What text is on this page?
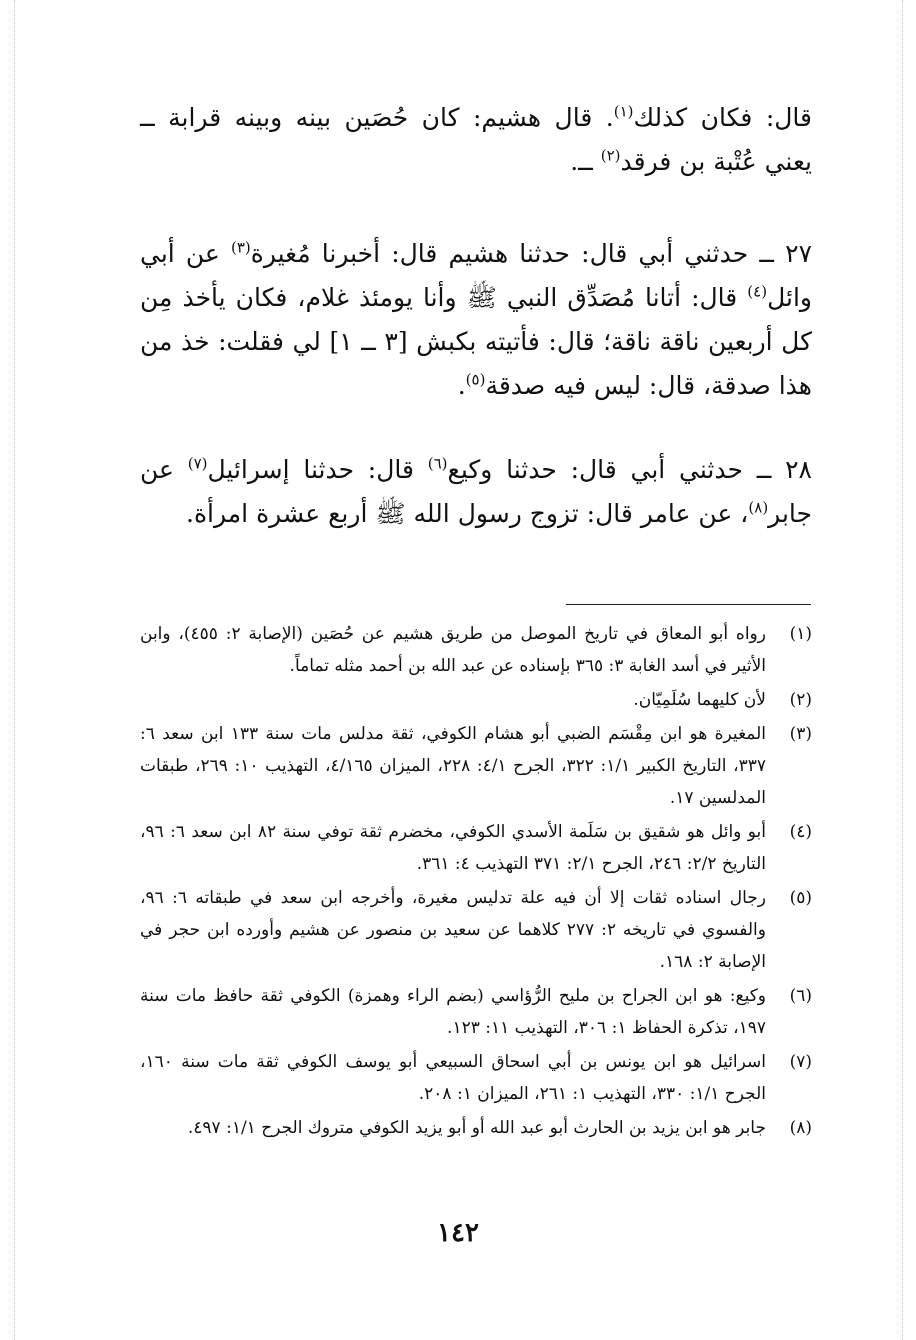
قال: فكان كذلك$^{(١)}$. قال هشيم: كان حُصَين بينه وبينه قرابة ــ يعني عُتْبة بن فرقد$^{(٢)}$ ــ.

٢٧ ــ حدثني أبي قال: حدثنا هشيم قال: أخبرنا مُغيرة$^{(٣)}$ عن أبي وائل$^{(٤)}$ قال: أتانا مُصَدِّق النبي ﷺ وأنا يومئذ غلام، فكان يأخذ مِن كل أربعين ناقة ناقة؛ قال: فأتيته بكبش [٣ ــ ١] لي فقلت: خذ من هذا صدقة، قال: ليس فيه صدقة$^{(٥)}$.

٢٨ ــ حدثني أبي قال: حدثنا وكيع$^{(٦)}$ قال: حدثنا إسرائيل$^{(٧)}$ عن جابر$^{(٨)}$، عن عامر قال: تزوج رسول الله ﷺ أربع عشرة امرأة.

(١)
رواه أبو المعاق في تاريخ الموصل من طريق هشيم عن حُصَين (الإصابة ٢: ٤٥٥)، وابن الأثير في أسد الغابة ٣: ٣٦٥ بإسناده عن عبد الله بن أحمد مثله تماماً.
(٢)
لأن كليهما سُلَمِيّان.
(٣)
المغيرة هو ابن مِقْسَم الضبي أبو هشام الكوفي، ثقة مدلس مات سنة ١٣٣ ابن سعد ٦: ٣٣٧، التاريخ الكبير ١/١: ٣٢٢، الجرح ٤/١: ٢٢٨، الميزان ٤/١٦٥، التهذيب ١٠: ٢٦٩، طبقات المدلسين ١٧.
(٤)
أبو وائل هو شقيق بن سَلَمة الأسدي الكوفي، مخضرم ثقة توفي سنة ٨٢ ابن سعد ٦: ٩٦، التاريخ ٢/٢: ٢٤٦، الجرح ٢/١: ٣٧١ التهذيب ٤: ٣٦١.
(٥)
رجال اسناده ثقات إلا أن فيه علة تدليس مغيرة، وأخرجه ابن سعد في طبقاته ٦: ٩٦، والفسوي في تاريخه ٢: ٢٧٧ كلاهما عن سعيد بن منصور عن هشيم وأورده ابن حجر في الإصابة ٢: ١٦٨.
(٦)
وكيع: هو ابن الجراح بن مليح الرُّؤاسي (بضم الراء وهمزة) الكوفي ثقة حافظ مات سنة ١٩٧، تذكرة الحفاظ ١: ٣٠٦، التهذيب ١١: ١٢٣.
(٧)
اسرائيل هو ابن يونس بن أبي اسحاق السبيعي أبو يوسف الكوفي ثقة مات سنة ١٦٠، الجرح ١/١: ٣٣٠، التهذيب ١: ٢٦١، الميزان ١: ٢٠٨.
(٨)
جابر هو ابن يزيد بن الحارث أبو عبد الله أو أبو يزيد الكوفي متروك الجرح ١/١: ٤٩٧.
١٤٢
